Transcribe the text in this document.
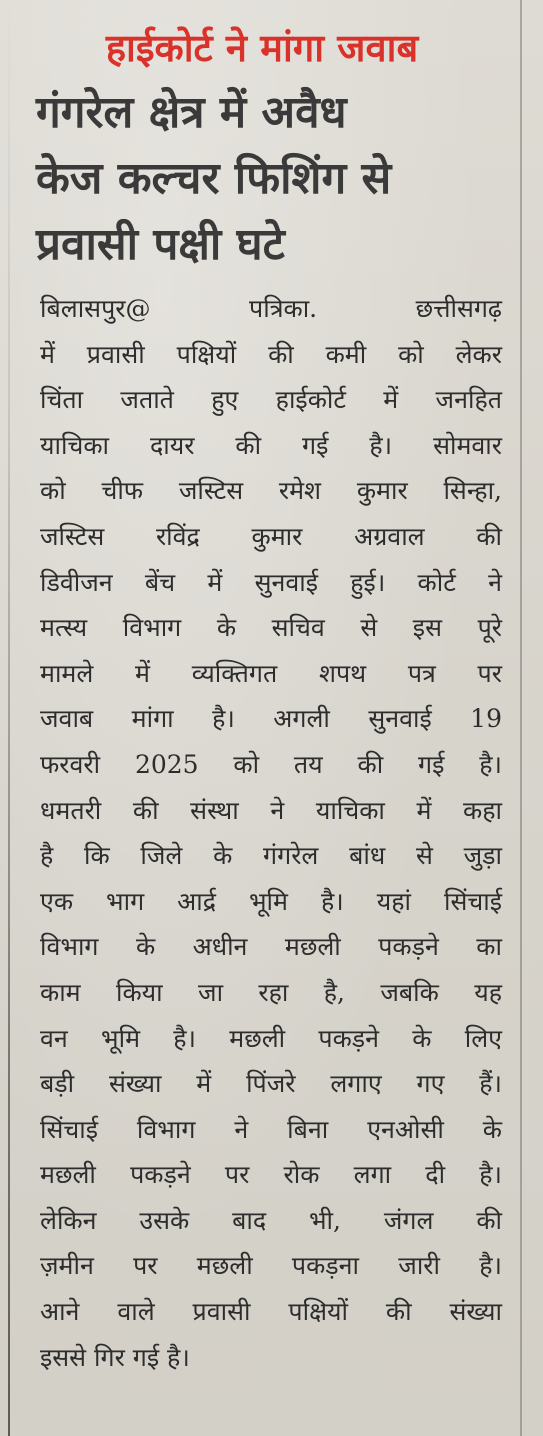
हाईकोर्ट ने मांगा जवाब
गंगरेल क्षेत्र में अवैध
केज कल्चर फिशिंग से
प्रवासी पक्षी घटे
बिलासपुर@ पत्रिका. छत्तीसगढ़
में प्रवासी पक्षियों की कमी को लेकर
चिंता जताते हुए हाईकोर्ट में जनहित
याचिका दायर की गई है। सोमवार
को चीफ जस्टिस रमेश कुमार सिन्हा,
जस्टिस रविंद्र कुमार अग्रवाल की
डिवीजन बेंच में सुनवाई हुई। कोर्ट ने
मत्स्य विभाग के सचिव से इस पूरे
मामले में व्यक्तिगत शपथ पत्र पर
जवाब मांगा है। अगली सुनवाई 19
फरवरी 2025 को तय की गई है।
धमतरी की संस्था ने याचिका में कहा
है कि जिले के गंगरेल बांध से जुड़ा
एक भाग आर्द्र भूमि है। यहां सिंचाई
विभाग के अधीन मछली पकड़ने का
काम किया जा रहा है, जबकि यह
वन भूमि है। मछली पकड़ने के लिए
बड़ी संख्या में पिंजरे लगाए गए हैं।
सिंचाई विभाग ने बिना एनओसी के
मछली पकड़ने पर रोक लगा दी है।
लेकिन उसके बाद भी, जंगल की
ज़मीन पर मछली पकड़ना जारी है।
आने वाले प्रवासी पक्षियों की संख्या
इससे गिर गई है।
